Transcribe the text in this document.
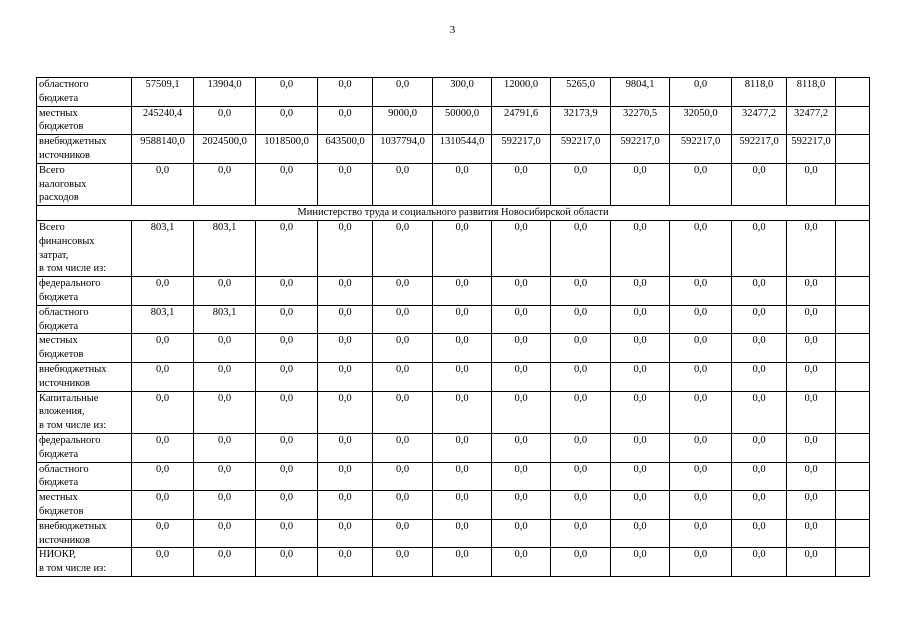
3
областного
бюджета	57509,1	13904,0	0,0	0,0	0,0	300,0	12000,0	5265,0	9804,1	0,0	8118,0	8118,0	
местных
бюджетов	245240,4	0,0	0,0	0,0	9000,0	50000,0	24791,6	32173,9	32270,5	32050,0	32477,2	32477,2	
внебюджетных
источников	9588140,0	2024500,0	1018500,0	643500,0	1037794,0	1310544,0	592217,0	592217,0	592217,0	592217,0	592217,0	592217,0	
Всего
налоговых
расходов	0,0	0,0	0,0	0,0	0,0	0,0	0,0	0,0	0,0	0,0	0,0	0,0	
Министерство труда и социального развития Новосибирской области													
Всего
финансовых
затрат,
в том числе из:	803,1	803,1	0,0	0,0	0,0	0,0	0,0	0,0	0,0	0,0	0,0	0,0	
федерального
бюджета	0,0	0,0	0,0	0,0	0,0	0,0	0,0	0,0	0,0	0,0	0,0	0,0	
областного
бюджета	803,1	803,1	0,0	0,0	0,0	0,0	0,0	0,0	0,0	0,0	0,0	0,0	
местных
бюджетов	0,0	0,0	0,0	0,0	0,0	0,0	0,0	0,0	0,0	0,0	0,0	0,0	
внебюджетных
источников	0,0	0,0	0,0	0,0	0,0	0,0	0,0	0,0	0,0	0,0	0,0	0,0	
Капитальные
вложения,
в том числе из:	0,0	0,0	0,0	0,0	0,0	0,0	0,0	0,0	0,0	0,0	0,0	0,0	
федерального
бюджета	0,0	0,0	0,0	0,0	0,0	0,0	0,0	0,0	0,0	0,0	0,0	0,0	
областного
бюджета	0,0	0,0	0,0	0,0	0,0	0,0	0,0	0,0	0,0	0,0	0,0	0,0	
местных
бюджетов	0,0	0,0	0,0	0,0	0,0	0,0	0,0	0,0	0,0	0,0	0,0	0,0	
внебюджетных
источников	0,0	0,0	0,0	0,0	0,0	0,0	0,0	0,0	0,0	0,0	0,0	0,0	
НИОКР,
в том числе из:	0,0	0,0	0,0	0,0	0,0	0,0	0,0	0,0	0,0	0,0	0,0	0,0	
